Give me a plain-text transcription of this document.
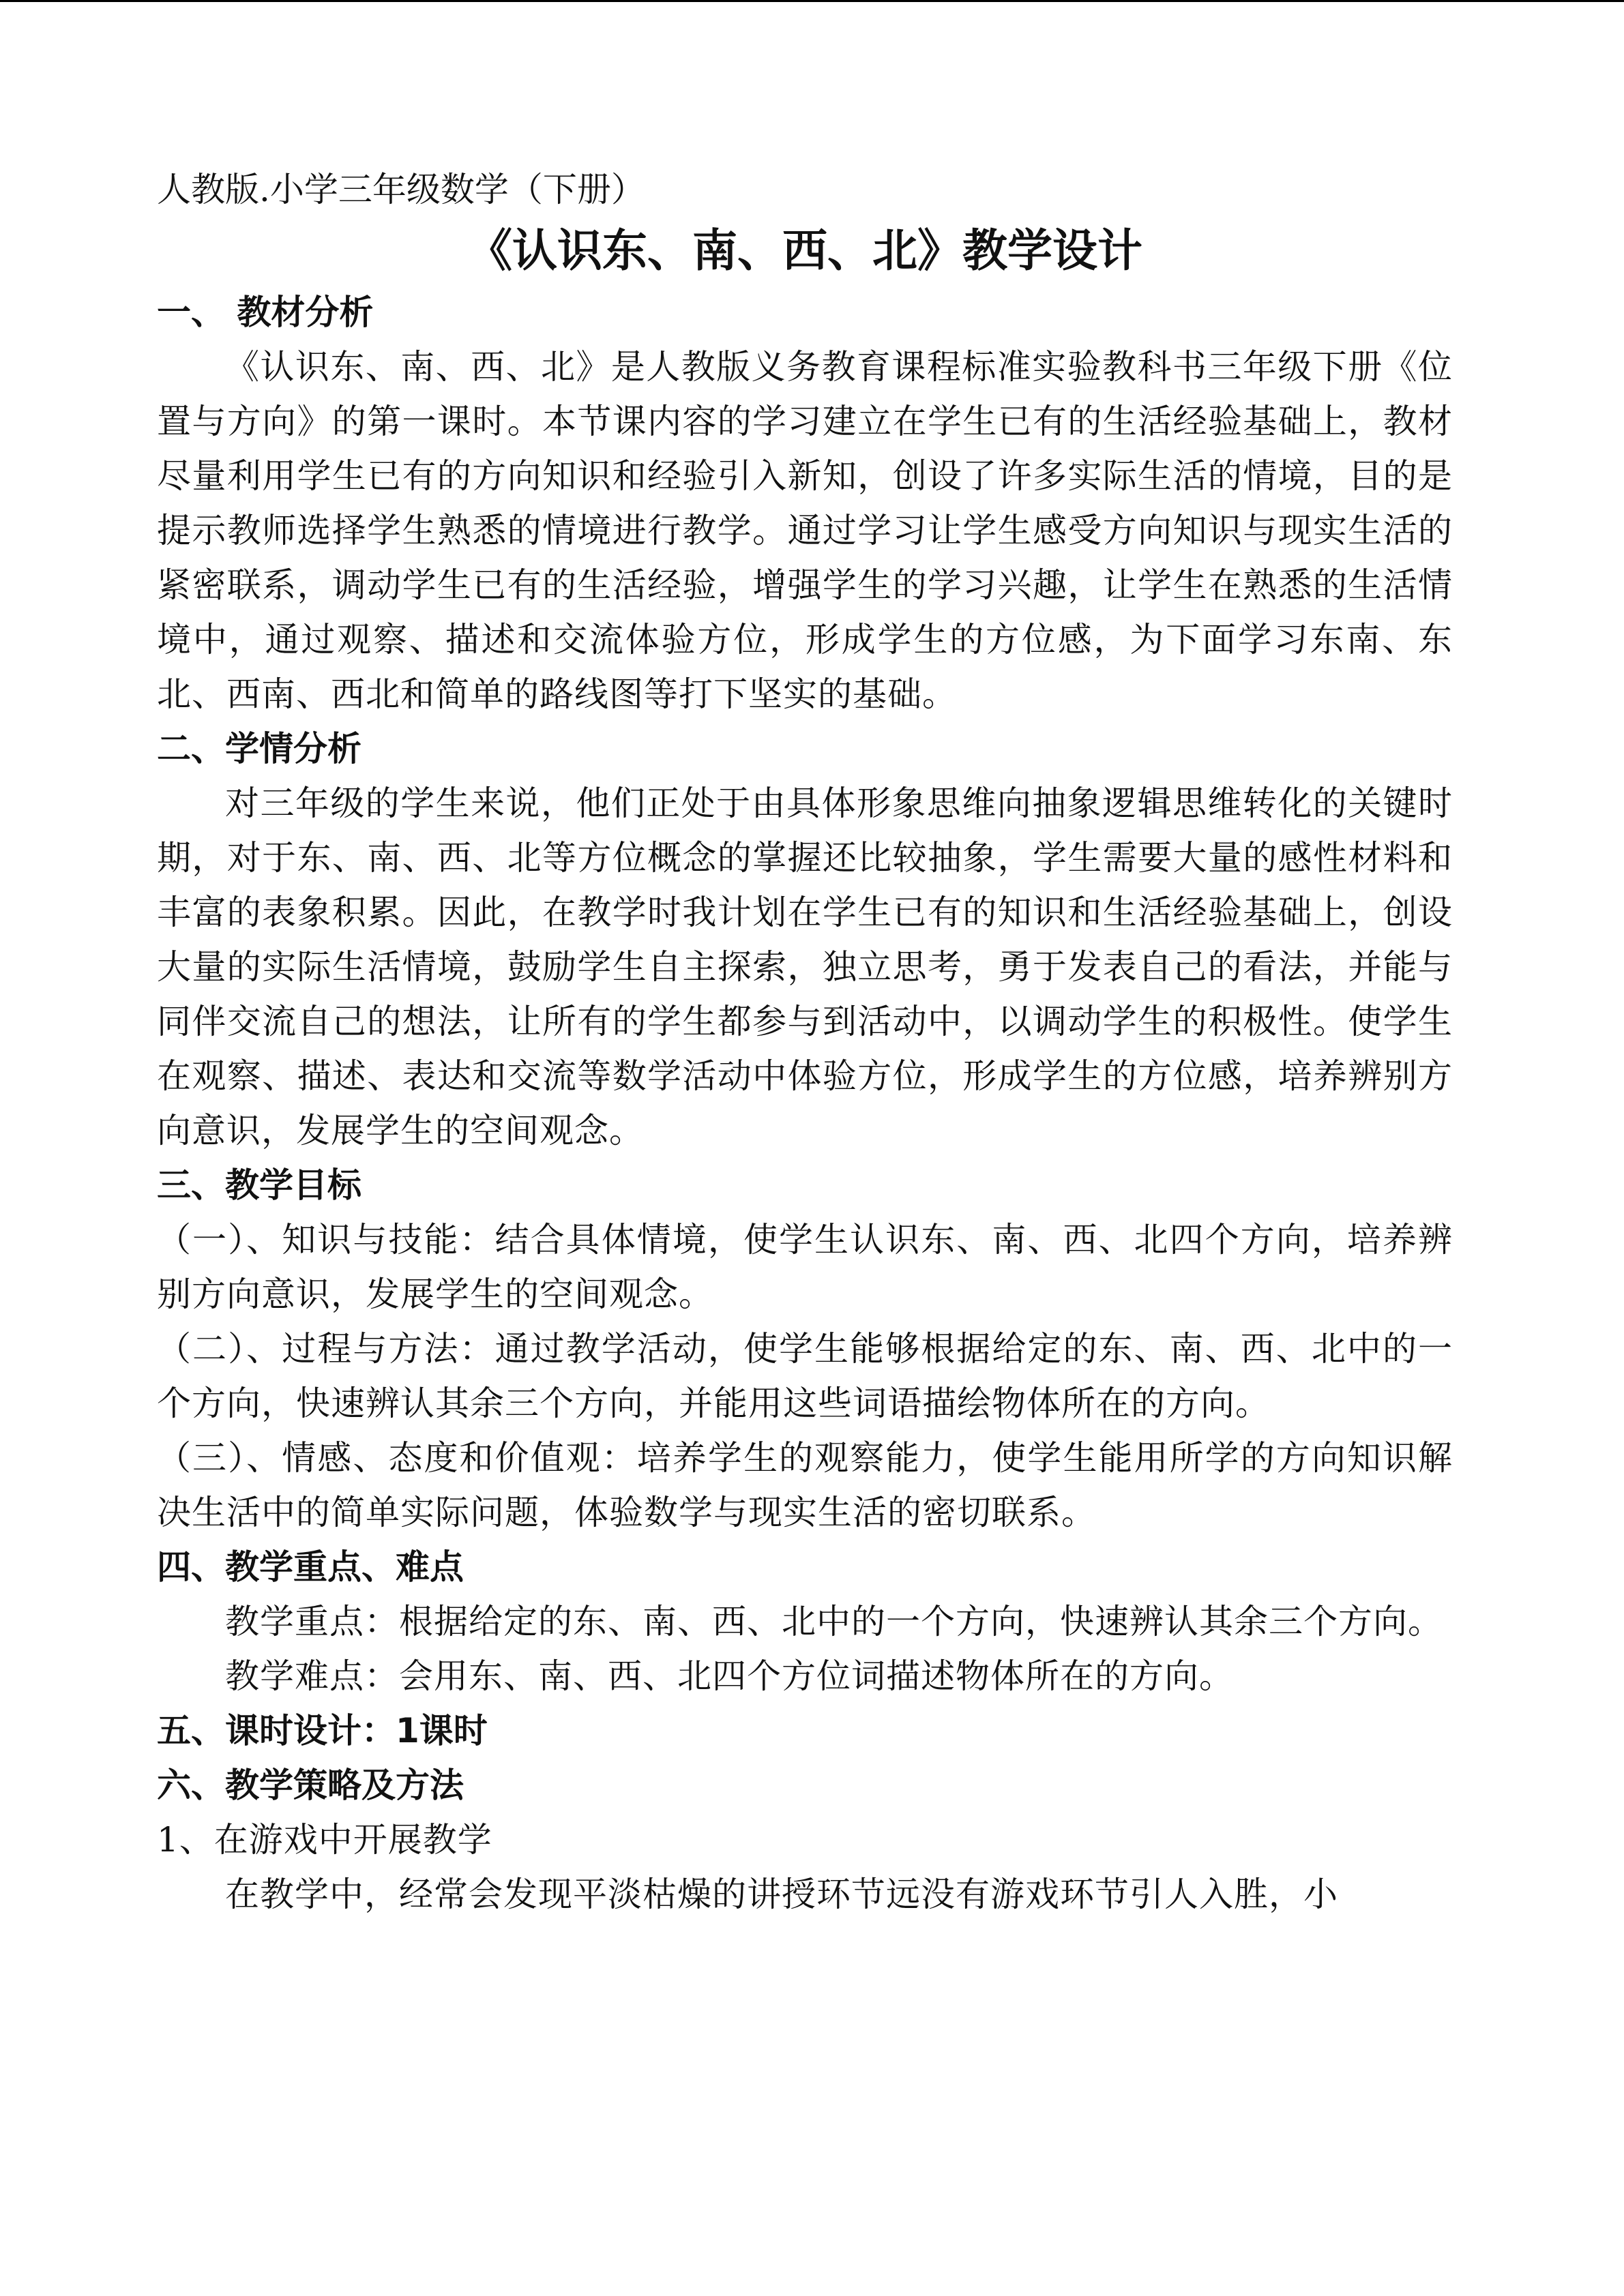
人教版.小学三年级数学（下册）

《认识东、南、西、北》教学设计
一、 教材分析

《认识东、南、西、北》是人教版义务教育课程标准实验教科书三年级下册《位置与方向》的第一课时。本节课内容的学习建立在学生已有的生活经验基础上，教材尽量利用学生已有的方向知识和经验引入新知，创设了许多实际生活的情境，目的是提示教师选择学生熟悉的情境进行教学。通过学习让学生感受方向知识与现实生活的紧密联系，调动学生已有的生活经验，增强学生的学习兴趣，让学生在熟悉的生活情境中，通过观察、描述和交流体验方位，形成学生的方位感，为下面学习东南、东北、西南、西北和简单的路线图等打下坚实的基础。

二、学情分析

对三年级的学生来说，他们正处于由具体形象思维向抽象逻辑思维转化的关键时期，对于东、南、西、北等方位概念的掌握还比较抽象，学生需要大量的感性材料和丰富的表象积累。因此，在教学时我计划在学生已有的知识和生活经验基础上，创设大量的实际生活情境，鼓励学生自主探索，独立思考，勇于发表自己的看法，并能与同伴交流自己的想法，让所有的学生都参与到活动中，以调动学生的积极性。使学生在观察、描述、表达和交流等数学活动中体验方位，形成学生的方位感，培养辨别方向意识，发展学生的空间观念。

三、教学目标

（一）、知识与技能：结合具体情境，使学生认识东、南、西、北四个方向，培养辨别方向意识，发展学生的空间观念。

（二）、过程与方法：通过教学活动，使学生能够根据给定的东、南、西、北中的一个方向，快速辨认其余三个方向，并能用这些词语描绘物体所在的方向。

（三）、情感、态度和价值观：培养学生的观察能力，使学生能用所学的方向知识解决生活中的简单实际问题，体验数学与现实生活的密切联系。

四、教学重点、难点

教学重点：根据给定的东、南、西、北中的一个方向，快速辨认其余三个方向。

教学难点：会用东、南、西、北四个方位词描述物体所在的方向。

五、课时设计：1课时
六、教学策略及方法

1、在游戏中开展教学

在教学中，经常会发现平淡枯燥的讲授环节远没有游戏环节引人入胜，小
